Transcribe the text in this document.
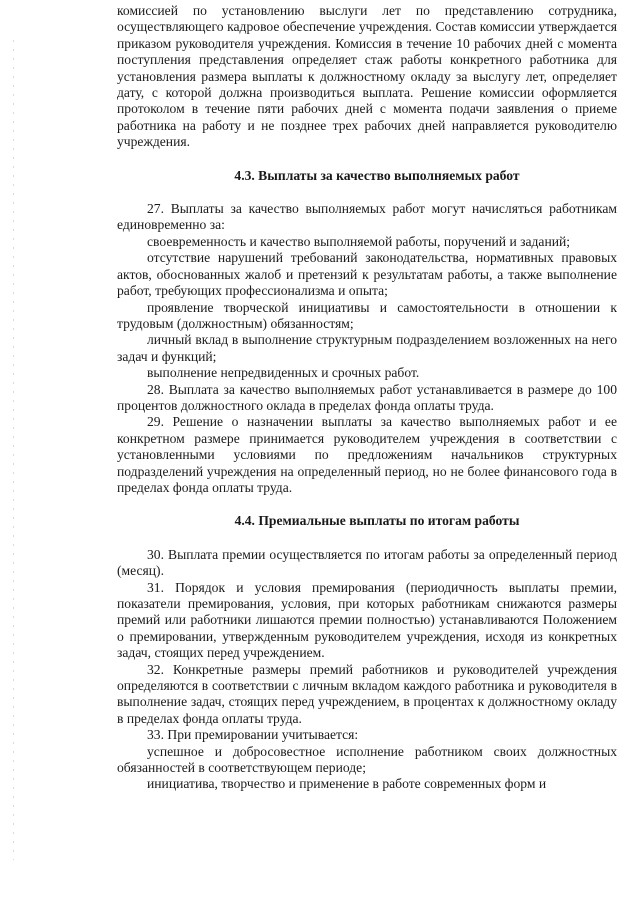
комиссией по установлению выслуги лет по представлению сотрудника, осуществляющего кадровое обеспечение учреждения. Состав комиссии утверждается приказом руководителя учреждения. Комиссия в течение 10 рабочих дней с момента поступления представления определяет стаж работы конкретного работника для установления размера выплаты к должностному окладу за выслугу лет, определяет дату, с которой должна производиться выплата. Решение комиссии оформляется протоколом в течение пяти рабочих дней с момента подачи заявления о приеме работника на работу и не позднее трех рабочих дней направляется руководителю учреждения.

4.3. Выплаты за качество выполняемых работ

27. Выплаты за качество выполняемых работ могут начисляться работникам единовременно за:

своевременность и качество выполняемой работы, поручений и заданий;

отсутствие нарушений требований законодательства, нормативных правовых актов, обоснованных жалоб и претензий к результатам работы, а также выполнение работ, требующих профессионализма и опыта;

проявление творческой инициативы и самостоятельности в отношении к трудовым (должностным) обязанностям;

личный вклад в выполнение структурным подразделением возложенных на него задач и функций;

выполнение непредвиденных и срочных работ.

28. Выплата за качество выполняемых работ устанавливается в размере до 100 процентов должностного оклада в пределах фонда оплаты труда.

29. Решение о назначении выплаты за качество выполняемых работ и ее конкретном размере принимается руководителем учреждения в соответствии с установленными условиями по предложениям начальников структурных подразделений учреждения на определенный период, но не более финансового года в пределах фонда оплаты труда.

4.4. Премиальные выплаты по итогам работы

30. Выплата премии осуществляется по итогам работы за определенный период (месяц).

31. Порядок и условия премирования (периодичность выплаты премии, показатели премирования, условия, при которых работникам снижаются размеры премий или работники лишаются премии полностью) устанавливаются Положением о премировании, утвержденным руководителем учреждения, исходя из конкретных задач, стоящих перед учреждением.

32. Конкретные размеры премий работников и руководителей учреждения определяются в соответствии с личным вкладом каждого работника и руководителя в выполнение задач, стоящих перед учреждением, в процентах к должностному окладу в пределах фонда оплаты труда.

33. При премировании учитывается:

успешное и добросовестное исполнение работником своих должностных обязанностей в соответствующем периоде;

инициатива, творчество и применение в работе современных форм и
